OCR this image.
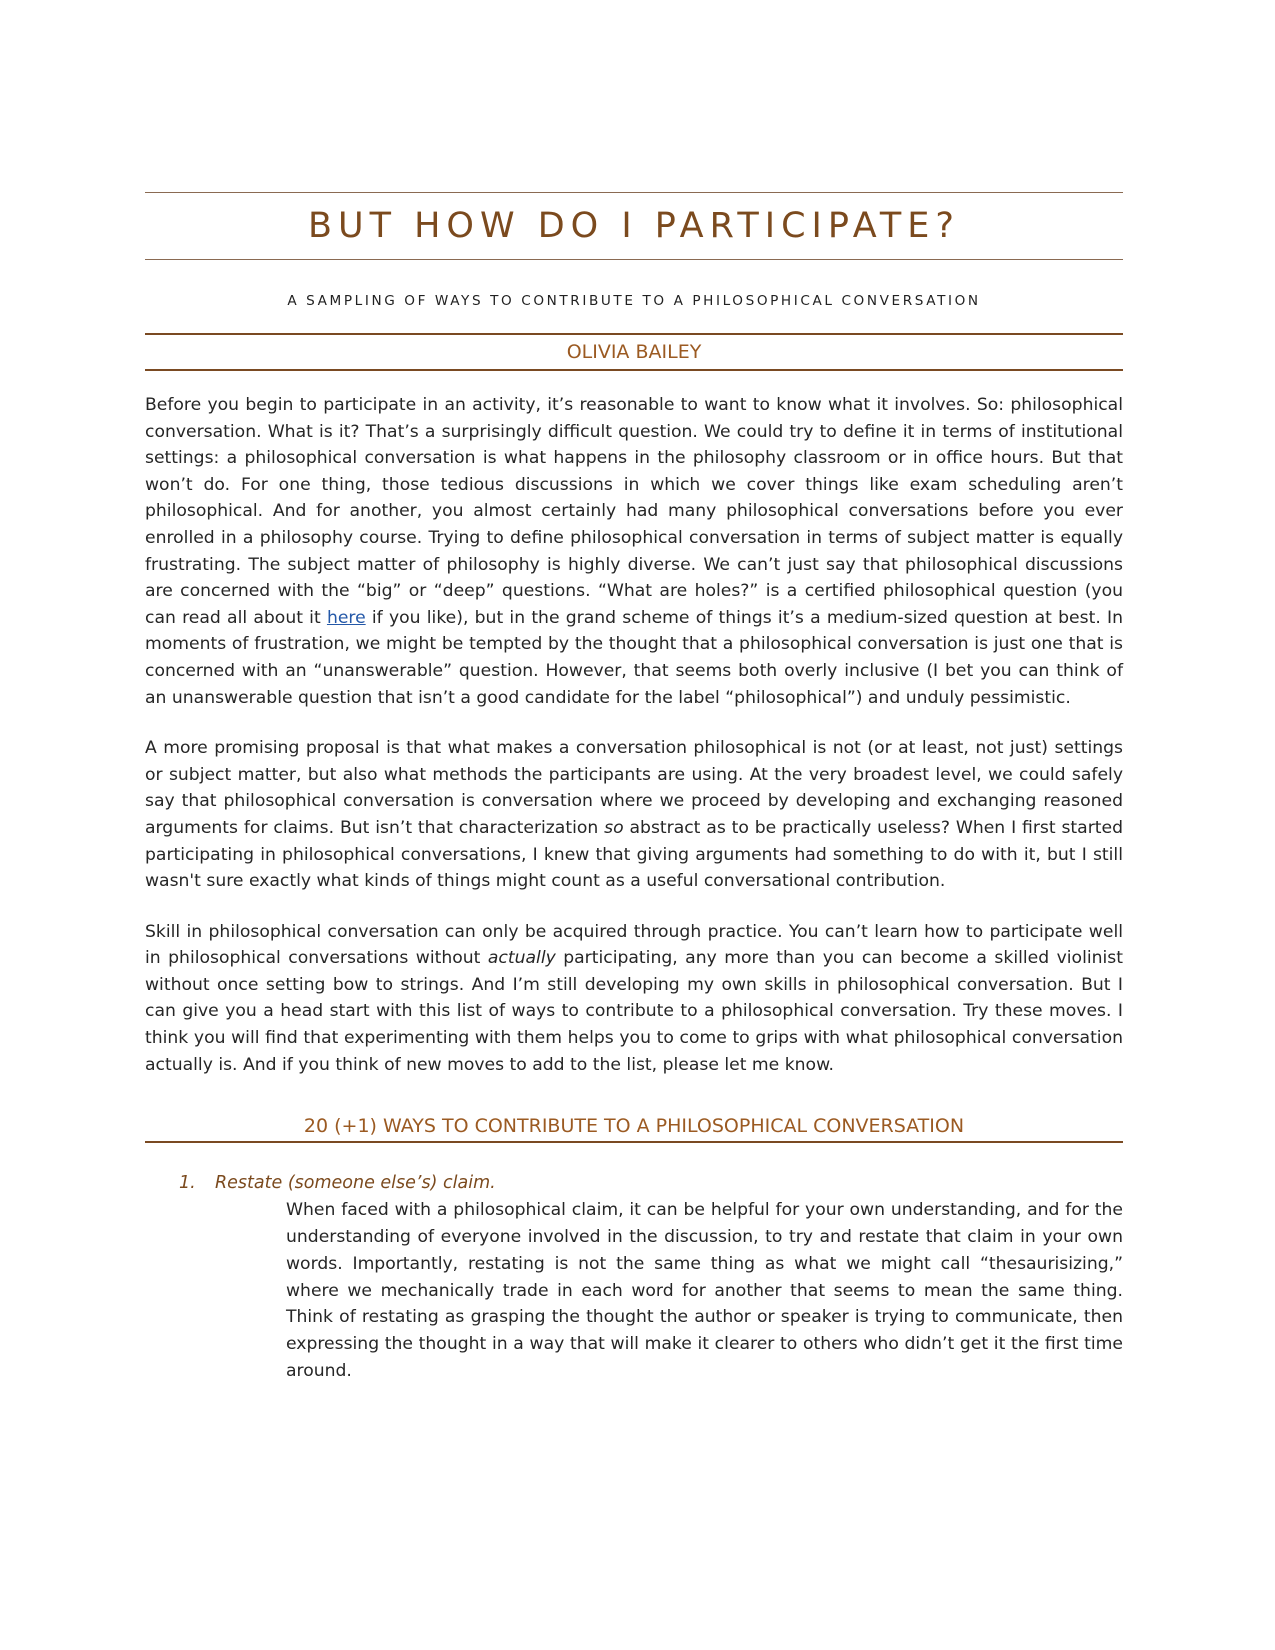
BUT HOW DO I PARTICIPATE?

A SAMPLING OF WAYS TO CONTRIBUTE TO A PHILOSOPHICAL CONVERSATION

OLIVIA BAILEY

Before you begin to participate in an activity, it’s reasonable to want to know what it involves. So: philosophical conversation. What is it? That’s a surprisingly difficult question. We could try to define it in terms of institutional settings: a philosophical conversation is what happens in the philosophy classroom or in office hours. But that won’t do. For one thing, those tedious discussions in which we cover things like exam scheduling aren’t philosophical. And for another, you almost certainly had many philosophical conversations before you ever enrolled in a philosophy course. Trying to define philosophical conversation in terms of subject matter is equally frustrating. The subject matter of philosophy is highly diverse. We can’t just say that philosophical discussions are concerned with the “big” or “deep” questions. “What are holes?” is a certified philosophical question (you can read all about it here if you like), but in the grand scheme of things it’s a medium-sized question at best. In moments of frustration, we might be tempted by the thought that a philosophical conversation is just one that is concerned with an “unanswerable” question. However, that seems both overly inclusive (I bet you can think of an unanswerable question that isn’t a good candidate for the label “philosophical”) and unduly pessimistic.

A more promising proposal is that what makes a conversation philosophical is not (or at least, not just) settings or subject matter, but also what methods the participants are using. At the very broadest level, we could safely say that philosophical conversation is conversation where we proceed by developing and exchanging reasoned arguments for claims. But isn’t that characterization so abstract as to be practically useless? When I first started participating in philosophical conversations, I knew that giving arguments had something to do with it, but I still wasn't sure exactly what kinds of things might count as a useful conversational contribution.

Skill in philosophical conversation can only be acquired through practice. You can’t learn how to participate well in philosophical conversations without actually participating, any more than you can become a skilled violinist without once setting bow to strings. And I’m still developing my own skills in philosophical conversation. But I can give you a head start with this list of ways to contribute to a philosophical conversation. Try these moves. I think you will find that experimenting with them helps you to come to grips with what philosophical conversation actually is. And if you think of new moves to add to the list, please let me know.

20 (+1) WAYS TO CONTRIBUTE TO A PHILOSOPHICAL CONVERSATION

1. Restate (someone else’s) claim.

When faced with a philosophical claim, it can be helpful for your own understanding, and for the understanding of everyone involved in the discussion, to try and restate that claim in your own words. Importantly, restating is not the same thing as what we might call “thesaurisizing,” where we mechanically trade in each word for another that seems to mean the same thing. Think of restating as grasping the thought the author or speaker is trying to communicate, then expressing the thought in a way that will make it clearer to others who didn’t get it the first time around.
